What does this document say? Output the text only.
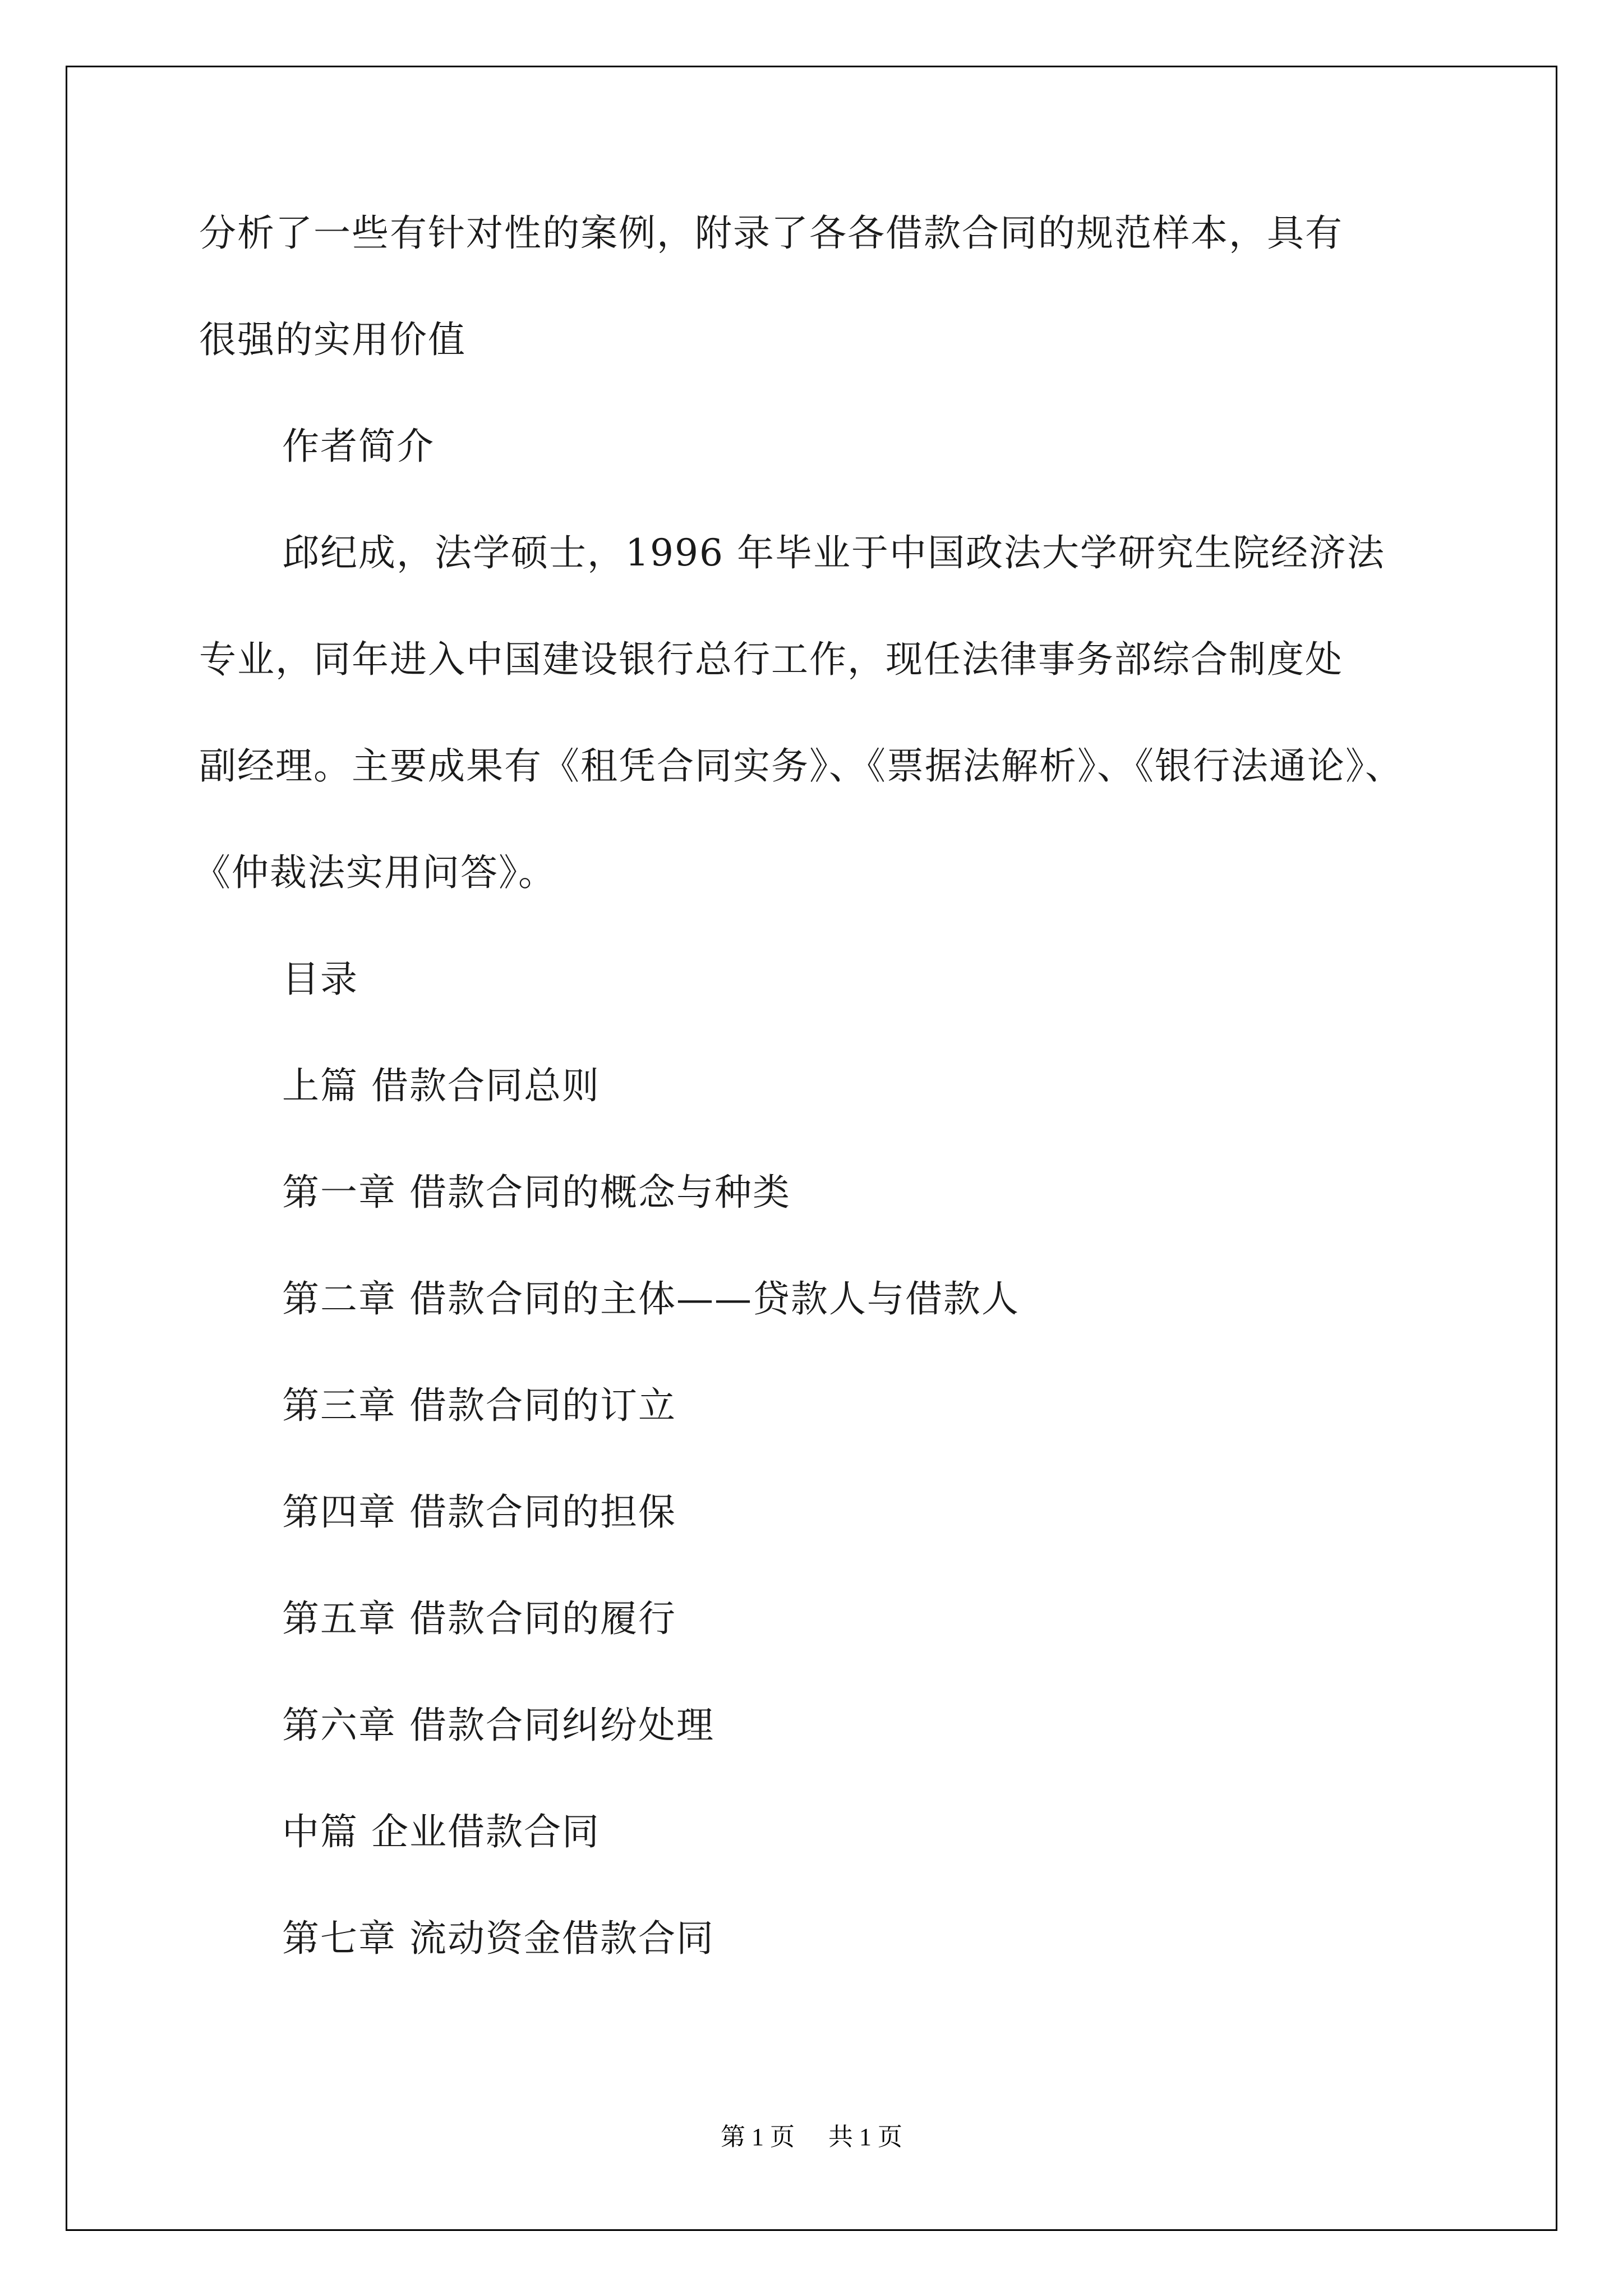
分析了一些有针对性的案例，附录了各各借款合同的规范样本，具有
很强的实用价值
作者简介
邱纪成，法学硕士，1996 年毕业于中国政法大学研究生院经济法
专业，同年进入中国建设银行总行工作，现任法律事务部综合制度处
副经理。主要成果有《租凭合同实务》、《票据法解析》、《银行法通论》、
《仲裁法实用问答》。
目录
上篇 借款合同总则
第一章 借款合同的概念与种类
第二章 借款合同的主体——贷款人与借款人
第三章 借款合同的订立
第四章 借款合同的担保
第五章 借款合同的履行
第六章 借款合同纠纷处理
中篇 企业借款合同
第七章 流动资金借款合同
第 1 页 共 1 页
